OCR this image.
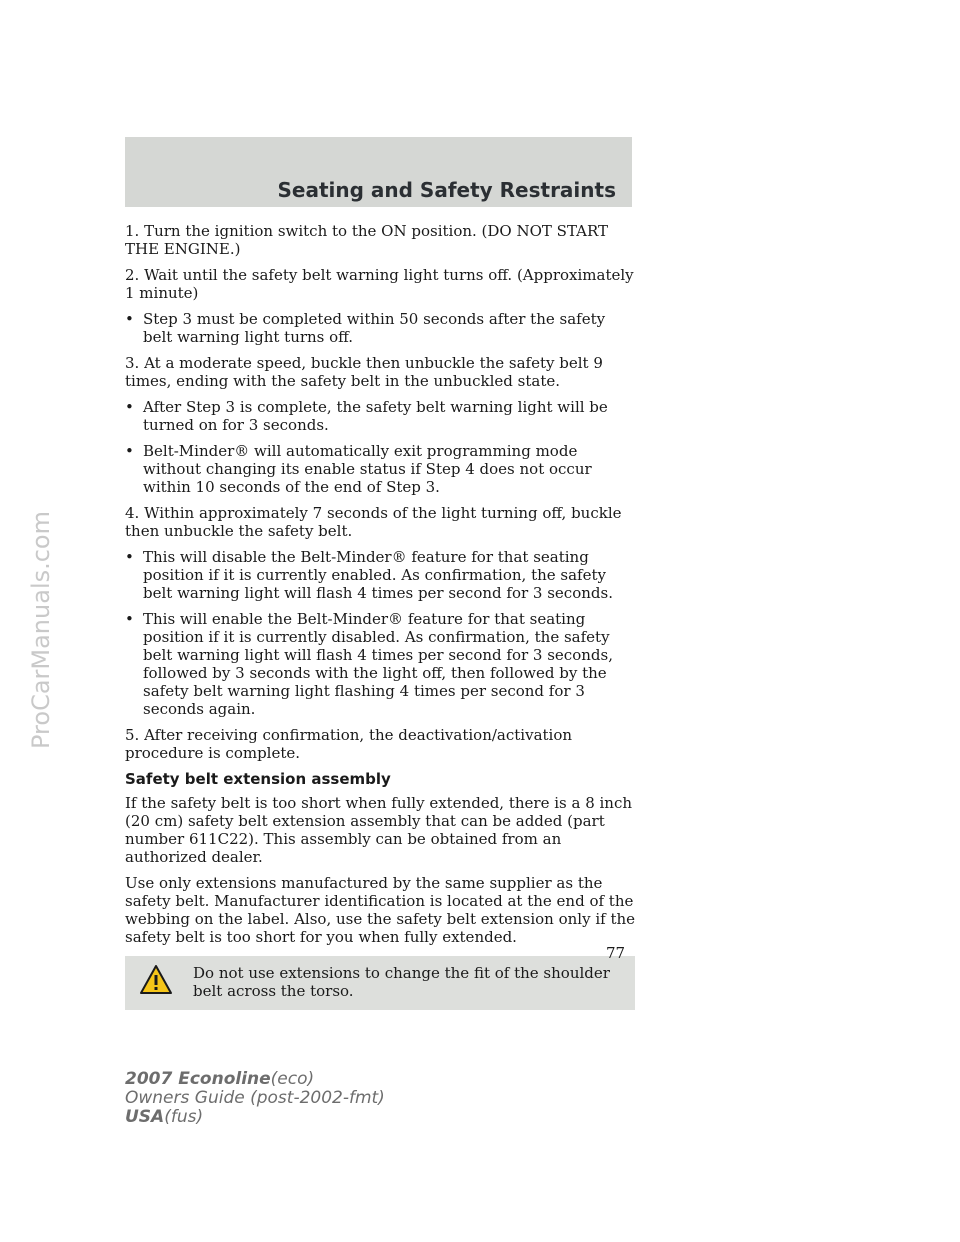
Seating and Safety Restraints

1. Turn the ignition switch to the ON position. (DO NOT START THE ENGINE.)

2. Wait until the safety belt warning light turns off. (Approximately 1 minute)

• Step 3 must be completed within 50 seconds after the safety belt warning light turns off.

3. At a moderate speed, buckle then unbuckle the safety belt 9 times, ending with the safety belt in the unbuckled state.

• After Step 3 is complete, the safety belt warning light will be turned on for 3 seconds.
• Belt-Minder® will automatically exit programming mode without changing its enable status if Step 4 does not occur within 10 seconds of the end of Step 3.

4. Within approximately 7 seconds of the light turning off, buckle then unbuckle the safety belt.

• This will disable the Belt-Minder® feature for that seating position if it is currently enabled. As confirmation, the safety belt warning light will flash 4 times per second for 3 seconds.
• This will enable the Belt-Minder® feature for that seating position if it is currently disabled. As confirmation, the safety belt warning light will flash 4 times per second for 3 seconds, followed by 3 seconds with the light off, then followed by the safety belt warning light flashing 4 times per second for 3 seconds again.

5. After receiving confirmation, the deactivation/activation procedure is complete.

Safety belt extension assembly

If the safety belt is too short when fully extended, there is a 8 inch (20 cm) safety belt extension assembly that can be added (part number 611C22). This assembly can be obtained from an authorized dealer.

Use only extensions manufactured by the same supplier as the safety belt. Manufacturer identification is located at the end of the webbing on the label. Also, use the safety belt extension only if the safety belt is too short for you when fully extended.

Do not use extensions to change the fit of the shoulder belt across the torso.
77
2007 Econoline(eco)
Owners Guide (post-2002-fmt)
USA(fus)
ProCarManuals.com
